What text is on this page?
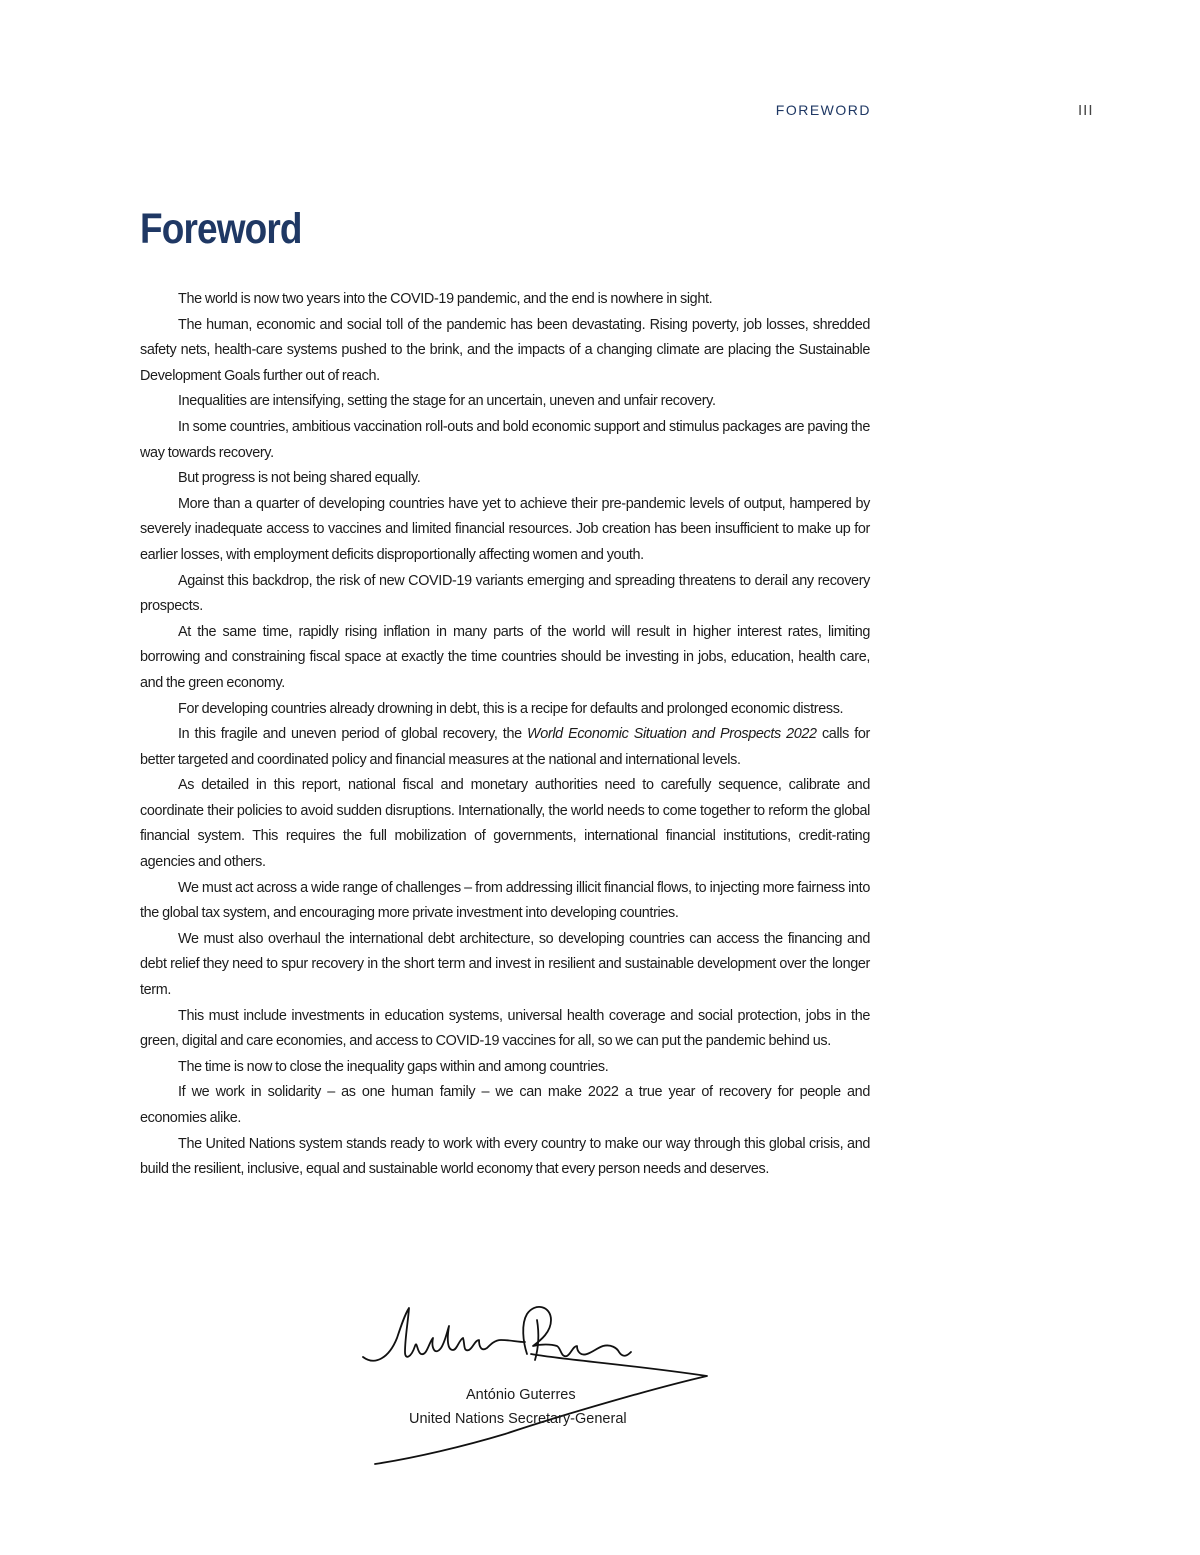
FOREWORD	III
Foreword

The world is now two years into the COVID-19 pandemic, and the end is nowhere in sight.

The human, economic and social toll of the pandemic has been devastating. Rising poverty, job losses, shredded safety nets, health-care systems pushed to the brink, and the impacts of a changing climate are placing the Sustainable Development Goals further out of reach.

Inequalities are intensifying, setting the stage for an uncertain, uneven and unfair recovery.

In some countries, ambitious vaccination roll-outs and bold economic support and stimulus packages are paving the way towards recovery.

But progress is not being shared equally.

More than a quarter of developing countries have yet to achieve their pre-pandemic levels of output, hampered by severely inadequate access to vaccines and limited financial resources. Job creation has been insufficient to make up for earlier losses, with employment deficits disproportionally affecting women and youth.

Against this backdrop, the risk of new COVID-19 variants emerging and spreading threatens to derail any recovery prospects.

At the same time, rapidly rising inflation in many parts of the world will result in higher interest rates, limiting borrowing and constraining fiscal space at exactly the time countries should be investing in jobs, education, health care, and the green economy.

For developing countries already drowning in debt, this is a recipe for defaults and prolonged economic distress.

In this fragile and uneven period of global recovery, the World Economic Situation and Prospects 2022 calls for better targeted and coordinated policy and financial measures at the national and international levels.

As detailed in this report, national fiscal and monetary authorities need to carefully sequence, calibrate and coordinate their policies to avoid sudden disruptions. Internationally, the world needs to come together to reform the global financial system. This requires the full mobilization of governments, international financial institutions, credit-rating agencies and others.

We must act across a wide range of challenges – from addressing illicit financial flows, to injecting more fairness into the global tax system, and encouraging more private investment into developing countries.

We must also overhaul the international debt architecture, so developing countries can access the financing and debt relief they need to spur recovery in the short term and invest in resilient and sustainable development over the longer term.

This must include investments in education systems, universal health coverage and social protection, jobs in the green, digital and care economies, and access to COVID-19 vaccines for all, so we can put the pandemic behind us.

The time is now to close the inequality gaps within and among countries.

If we work in solidarity – as one human family – we can make 2022 a true year of recovery for people and economies alike.

The United Nations system stands ready to work with every country to make our way through this global crisis, and build the resilient, inclusive, equal and sustainable world economy that every person needs and deserves.

António Guterres
United Nations Secretary-General
